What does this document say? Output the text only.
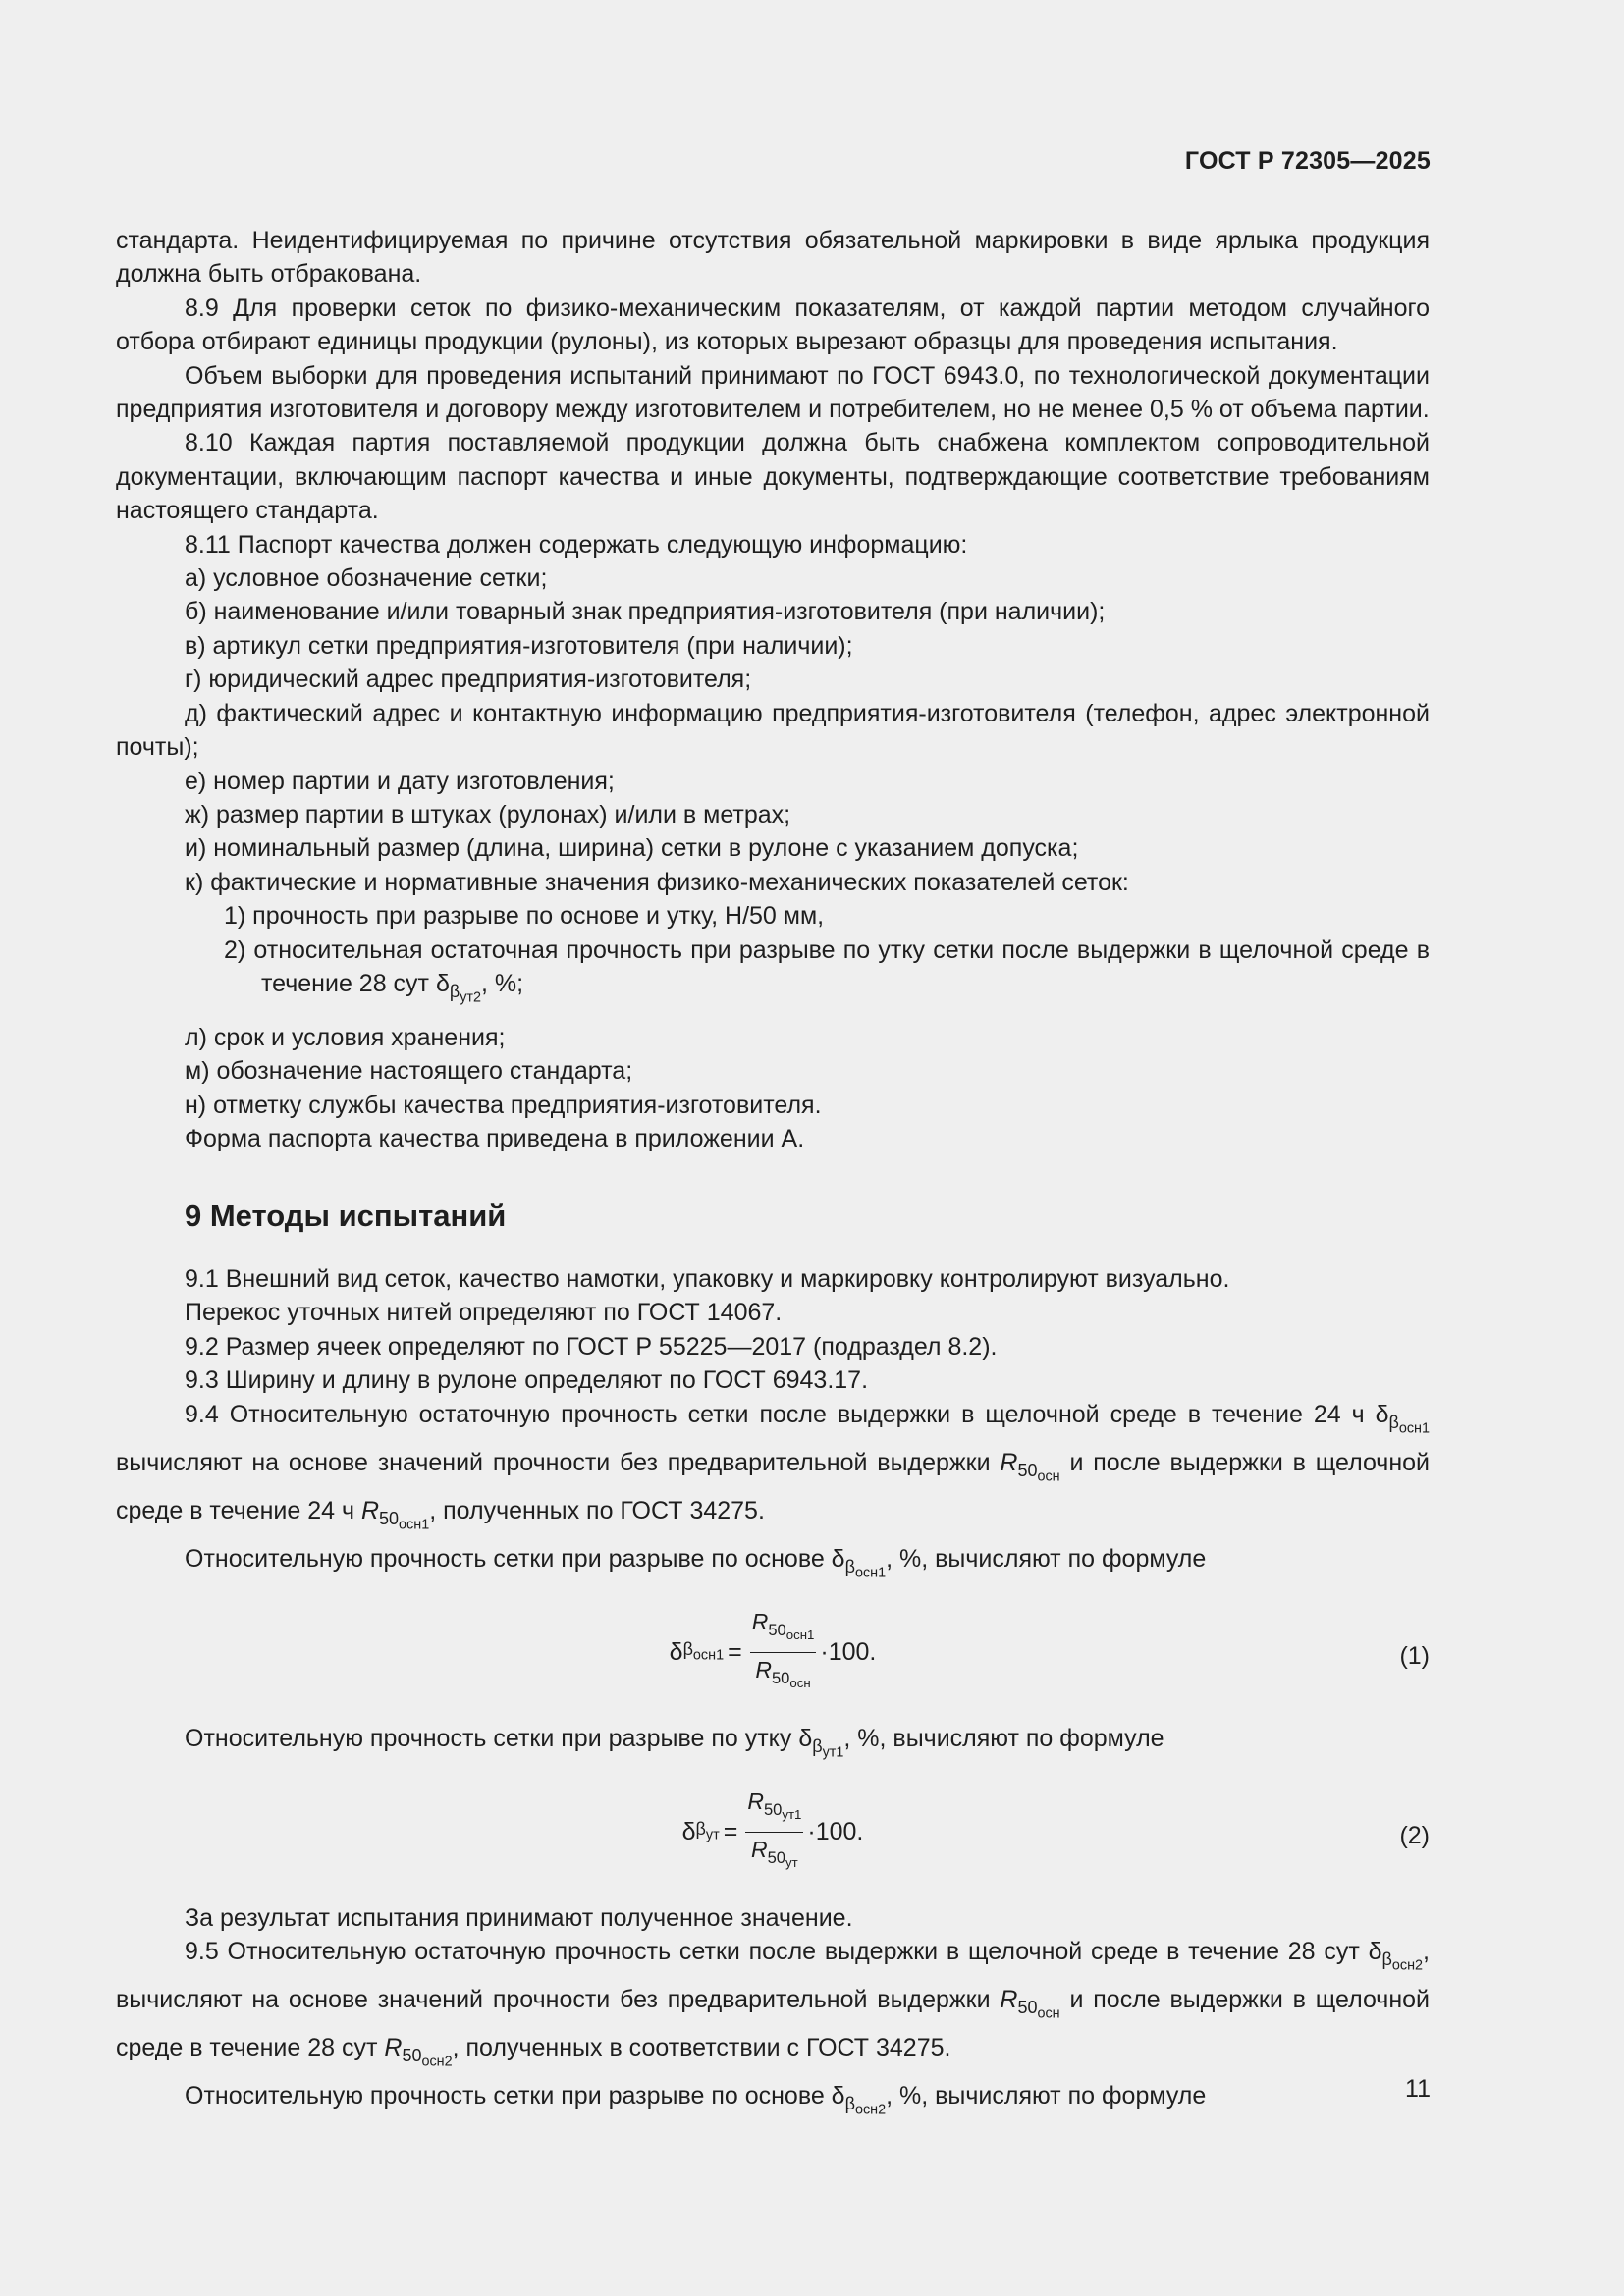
ГОСТ Р 72305—2025

стандарта. Неидентифицируемая по причине отсутствия обязательной маркировки в виде ярлыка продукция должна быть отбракована.

8.9 Для проверки сеток по физико-механическим показателям, от каждой партии методом случайного отбора отбирают единицы продукции (рулоны), из которых вырезают образцы для проведения испытания.

Объем выборки для проведения испытаний принимают по ГОСТ 6943.0, по технологической документации предприятия изготовителя и договору между изготовителем и потребителем, но не менее 0,5 % от объема партии.

8.10 Каждая партия поставляемой продукции должна быть снабжена комплектом сопроводительной документации, включающим паспорт качества и иные документы, подтверждающие соответствие требованиям настоящего стандарта.

8.11 Паспорт качества должен содержать следующую информацию:

а) условное обозначение сетки;

б) наименование и/или товарный знак предприятия-изготовителя (при наличии);

в) артикул сетки предприятия-изготовителя (при наличии);

г) юридический адрес предприятия-изготовителя;

д) фактический адрес и контактную информацию предприятия-изготовителя (телефон, адрес электронной почты);

е) номер партии и дату изготовления;

ж) размер партии в штуках (рулонах) и/или в метрах;

и) номинальный размер (длина, ширина) сетки в рулоне с указанием допуска;

к) фактические и нормативные значения физико-механических показателей сеток:

1) прочность при разрыве по основе и утку, Н/50 мм,

2) относительная остаточная прочность при разрыве по утку сетки после выдержки в щелочной среде в течение 28 сут $\delta_{\beta_{ут2}}$, %;

л) срок и условия хранения;

м) обозначение настоящего стандарта;

н) отметку службы качества предприятия-изготовителя.

Форма паспорта качества приведена в приложении А.

9 Методы испытаний

9.1 Внешний вид сеток, качество намотки, упаковку и маркировку контролируют визуально.

Перекос уточных нитей определяют по ГОСТ 14067.

9.2 Размер ячеек определяют по ГОСТ Р 55225—2017 (подраздел 8.2).

9.3 Ширину и длину в рулоне определяют по ГОСТ 6943.17.

9.4 Относительную остаточную прочность сетки после выдержки в щелочной среде в течение 24 ч $\delta_{\beta_{осн1}}$ вычисляют на основе значений прочности без предварительной выдержки $R_{50_{осн}}$ и после выдержки в щелочной среде в течение 24 ч $R_{50_{осн1}}$, полученных по ГОСТ 34275.

Относительную прочность сетки при разрыве по основе $\delta_{\beta_{осн1}}$, %, вычисляют по формуле

δ $\beta_{осн1} = \frac{R_{50_{осн1}}}{R_{50_{осн}}} \cdot 100$.	(1)

Относительную прочность сетки при разрыве по утку $\delta_{\beta_{ут1}}$, %, вычисляют по формуле

δ $\beta_{ут} = \frac{R_{50_{ут1}}}{R_{50_{ут}}} \cdot 100$.	(2)

За результат испытания принимают полученное значение.

9.5 Относительную остаточную прочность сетки после выдержки в щелочной среде в течение 28 сут $\delta_{\beta_{осн2}}$, вычисляют на основе значений прочности без предварительной выдержки $R_{50_{осн}}$ и после выдержки в щелочной среде в течение 28 сут $R_{50_{осн2}}$, полученных в соответствии с ГОСТ 34275.

Относительную прочность сетки при разрыве по основе $\delta_{\beta_{осн2}}$, %, вычисляют по формуле	11
